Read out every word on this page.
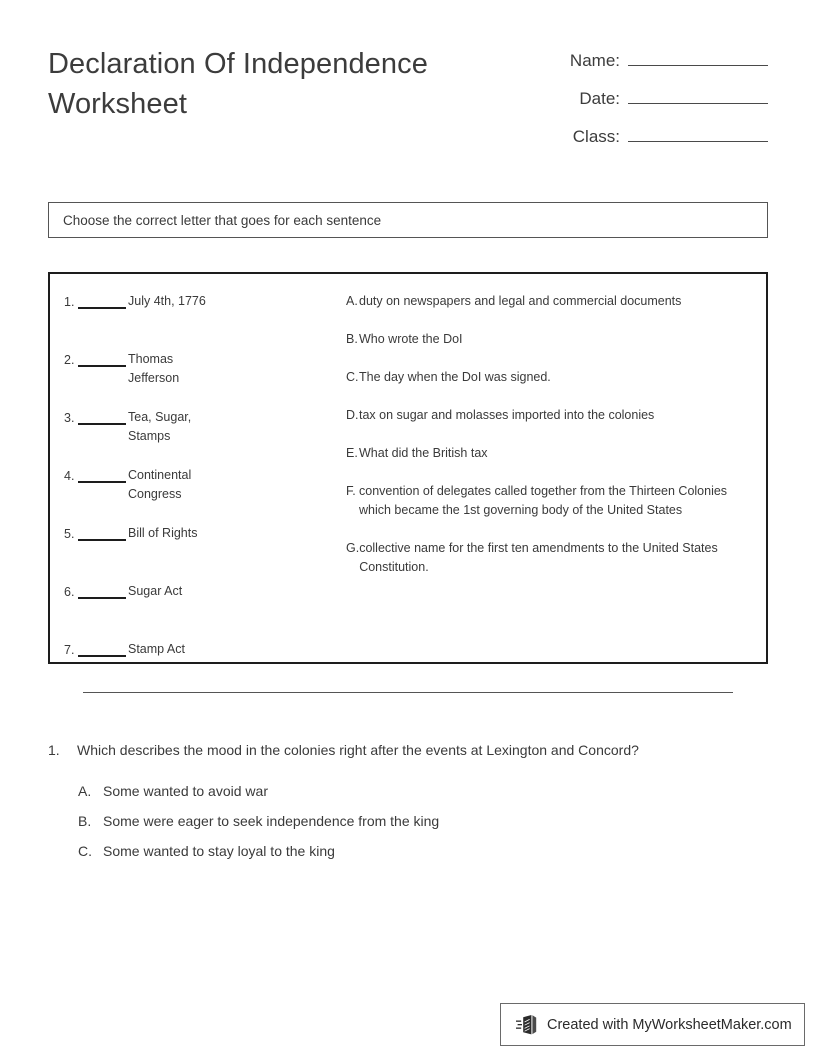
Declaration Of Independence Worksheet
Name:
Date:
Class:
Choose the correct letter that goes for each sentence
1.	July 4th, 1776
2.	Thomas Jefferson
3.	Tea, Sugar, Stamps
4.	Continental Congress
5.	Bill of Rights
6.	Sugar Act
7.	Stamp Act
A. duty on newspapers and legal and commercial documents
B. Who wrote the DoI
C. The day when the DoI was signed.
D. tax on sugar and molasses imported into the colonies
E. What did the British tax
F. convention of delegates called together from the Thirteen Colonies which became the 1st governing body of the United States
G. collective name for the first ten amendments to the United States Constitution.
1.	Which describes the mood in the colonies right after the events at Lexington and Concord?
A. Some wanted to avoid war
B. Some were eager to seek independence from the king
C. Some wanted to stay loyal to the king
Created with MyWorksheetMaker.com
